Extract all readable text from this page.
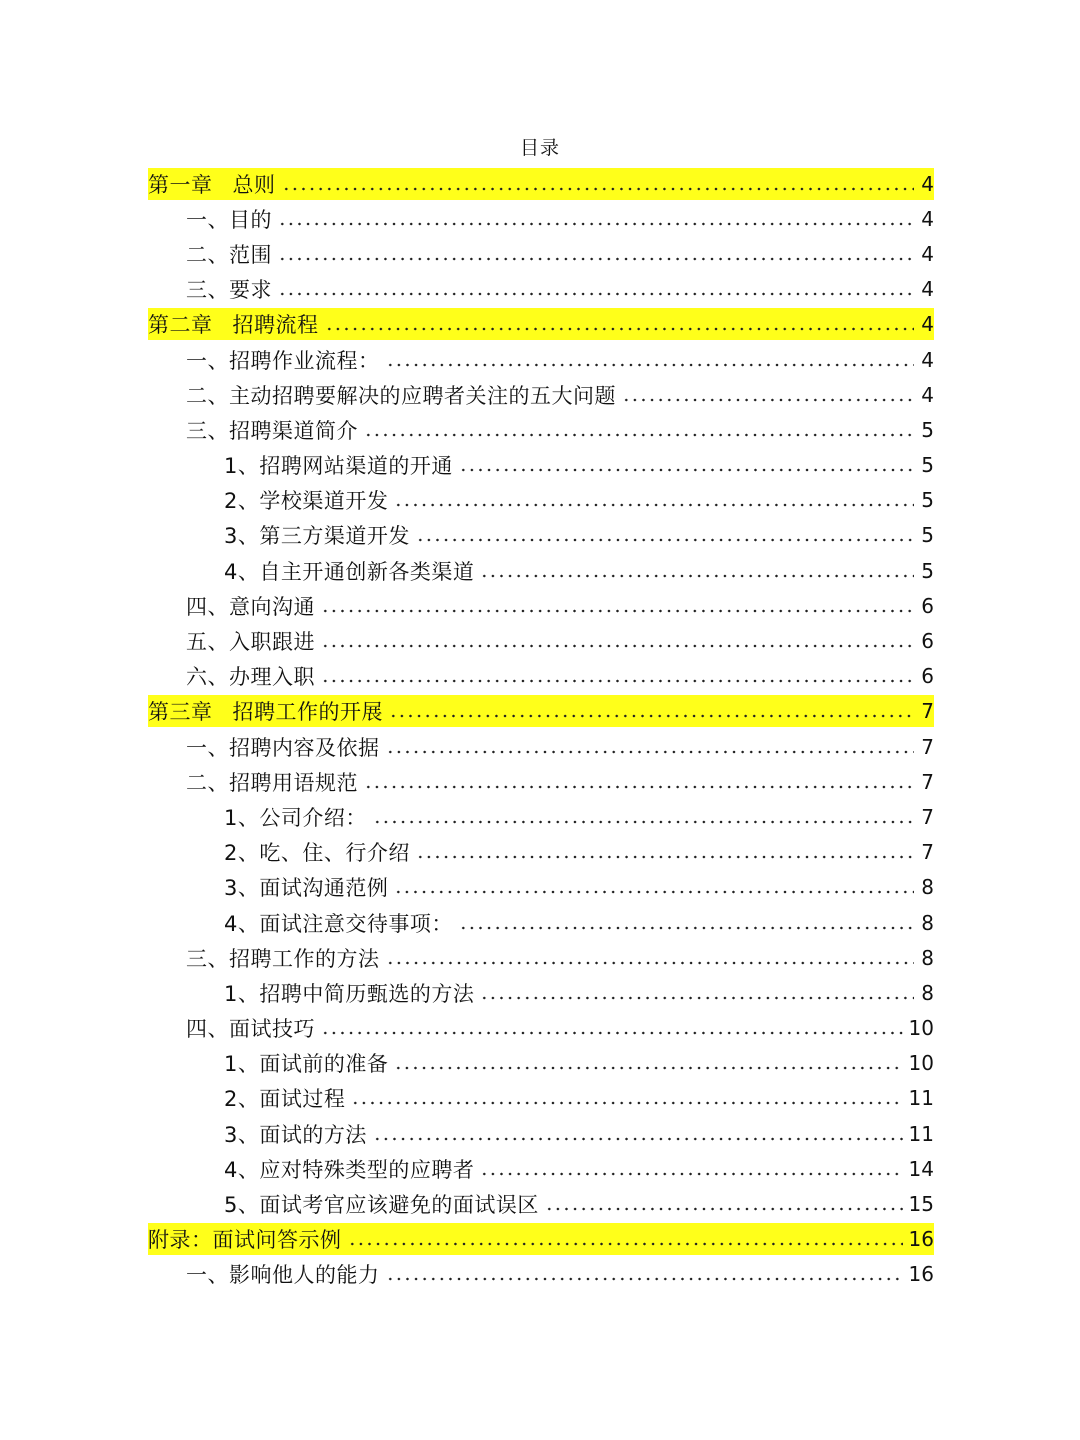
目录
第一章 总则	4
一、目的	4
二、范围	4
三、要求	4
第二章 招聘流程	4
一、招聘作业流程：	4
二、主动招聘要解决的应聘者关注的五大问题	4
三、招聘渠道简介	5
1、招聘网站渠道的开通	5
2、学校渠道开发	5
3、第三方渠道开发	5
4、自主开通创新各类渠道	5
四、意向沟通	6
五、入职跟进	6
六、办理入职	6
第三章 招聘工作的开展	7
一、招聘内容及依据	7
二、招聘用语规范	7
1、公司介绍：	7
2、吃、住、行介绍	7
3、面试沟通范例	8
4、面试注意交待事项：	8
三、招聘工作的方法	8
1、招聘中简历甄选的方法	8
四、面试技巧	10
1、面试前的准备	10
2、面试过程	11
3、面试的方法	11
4、应对特殊类型的应聘者	14
5、面试考官应该避免的面试误区	15
附录：面试问答示例	16
一、影响他人的能力	16
